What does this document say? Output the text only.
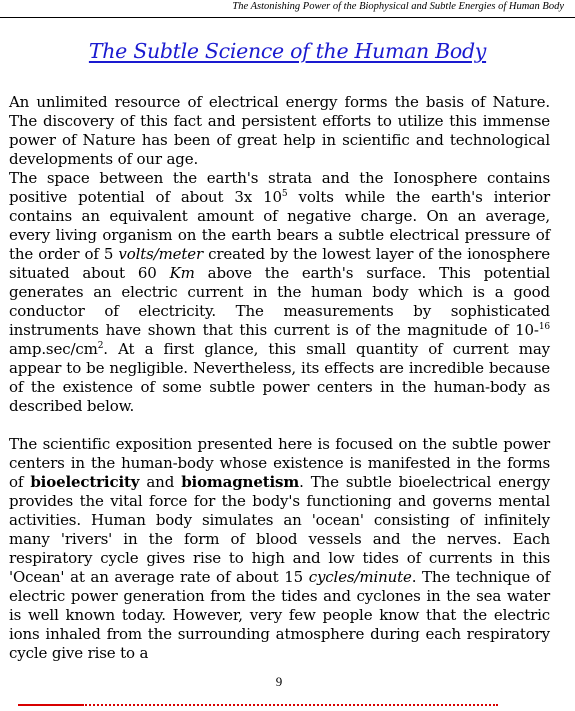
The Astonishing Power of the Biophysical and Subtle Energies of Human Body
The Subtle Science of the Human Body

An unlimited resource of electrical energy forms the basis of Nature. The discovery of this fact and persistent efforts to utilize this immense power of Nature has been of great help in scientific and technological developments of our age.

The space between the earth's strata and the Ionosphere contains positive potential of about 3x $10^5$ volts while the earth's interior contains an equivalent amount of negative charge. On an average, every living organism on the earth bears a subtle electrical pressure of the order of 5 volts/meter created by the lowest layer of the ionosphere situated about 60 Km above the earth's surface. This potential generates an electric current in the human body which is a good conductor of electricity. The measurements by sophisticated instruments have shown that this current is of the magnitude of 10-$^{16}$ $amp.\sec/cm^2$. At a first glance, this small quantity of current may appear to be negligible. Nevertheless, its effects are incredible because of the existence of some subtle power centers in the human-body as described below.

The scientific exposition presented here is focused on the subtle power centers in the human-body whose existence is manifested in the forms of bioelectricity and biomagnetism. The subtle bioelectrical energy provides the vital force for the body's functioning and governs mental activities. Human body simulates an 'ocean' consisting of infinitely many 'rivers' in the form of blood vessels and the nerves. Each respiratory cycle gives rise to high and low tides of currents in this 'Ocean' at an average rate of about 15 cycles/minute. The technique of electric power generation from the tides and cyclones in the sea water is well known today. However, very few people know that the electric ions inhaled from the surrounding atmosphere during each respiratory cycle give rise to a

9
